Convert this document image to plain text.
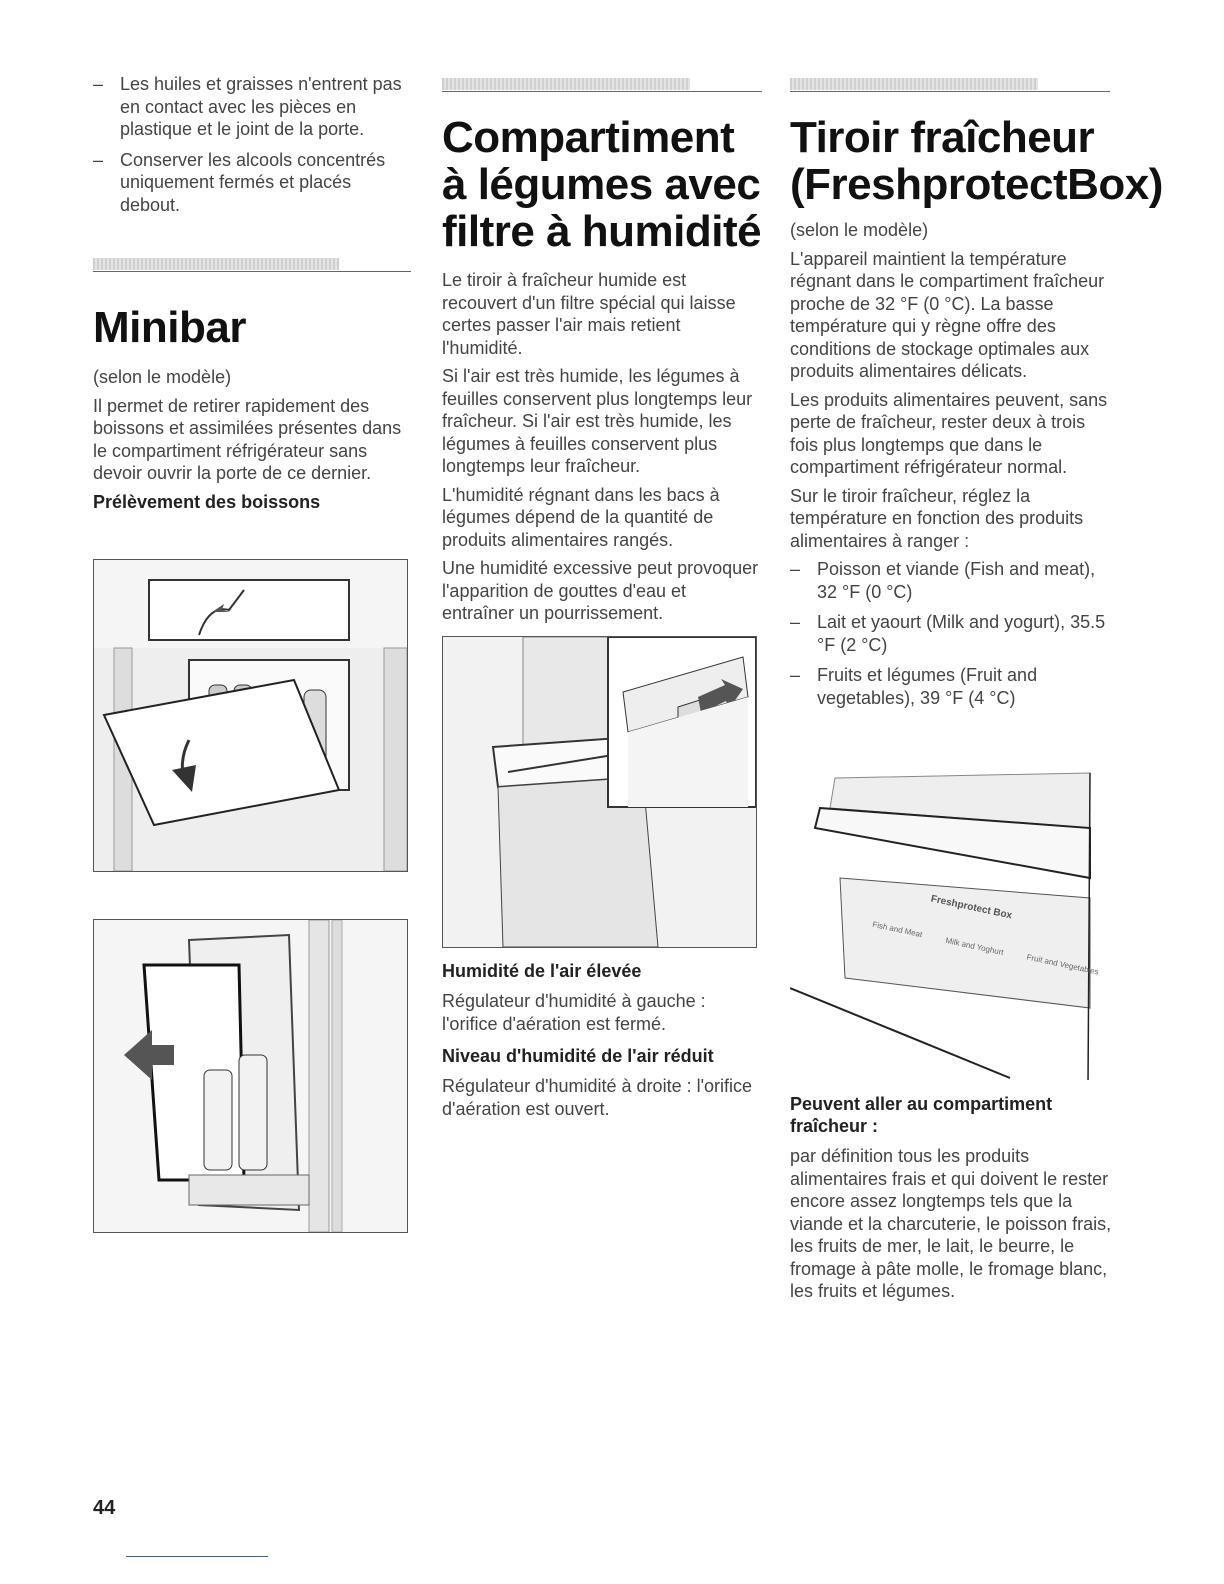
– Les huiles et graisses n'entrent pas en contact avec les pièces en plastique et le joint de la porte.
– Conserver les alcools concentrés uniquement fermés et placés debout.
Minibar

(selon le modèle)

Il permet de retirer rapidement des boissons et assimilées présentes dans le compartiment réfrigérateur sans devoir ouvrir la porte de ce dernier.

Prélèvement des boissons
Compartiment
à légumes avec
filtre à humidité

Le tiroir à fraîcheur humide est recouvert d'un filtre spécial qui laisse certes passer l'air mais retient l'humidité.

Si l'air est très humide, les légumes à feuilles conservent plus longtemps leur fraîcheur. Si l'air est très humide, les légumes à feuilles conservent plus longtemps leur fraîcheur.

L'humidité régnant dans les bacs à légumes dépend de la quantité de produits alimentaires rangés.

Une humidité excessive peut provoquer l'apparition de gouttes d'eau et entraîner un pourrissement.

Humidité de l'air élevée

Régulateur d'humidité à gauche : l'orifice d'aération est fermé.

Niveau d'humidité de l'air réduit

Régulateur d'humidité à droite : l'orifice d'aération est ouvert.

Tiroir fraîcheur
(FreshprotectBox)

(selon le modèle)

L'appareil maintient la température régnant dans le compartiment fraîcheur proche de 32 °F (0 °C). La basse température qui y règne offre des conditions de stockage optimales aux produits alimentaires délicats.

Les produits alimentaires peuvent, sans perte de fraîcheur, rester deux à trois fois plus longtemps que dans le compartiment réfrigérateur normal.

Sur le tiroir fraîcheur, réglez la température en fonction des produits alimentaires à ranger :

– Poisson et viande (Fish and meat), 32 °F (0 °C)
– Lait et yaourt (Milk and yogurt), 35.5 °F (2 °C)
– Fruits et légumes (Fruit and vegetables), 39 °F (4 °C)
Peuvent aller au compartiment fraîcheur :

par définition tous les produits alimentaires frais et qui doivent le rester encore assez longtemps tels que la viande et la charcuterie, le poisson frais, les fruits de mer, le lait, le beurre, le fromage à pâte molle, le fromage blanc, les fruits et légumes.

Freshprotect Box
Fish and Meat
Milk and Yoghurt
Fruit and Vegetables
44
